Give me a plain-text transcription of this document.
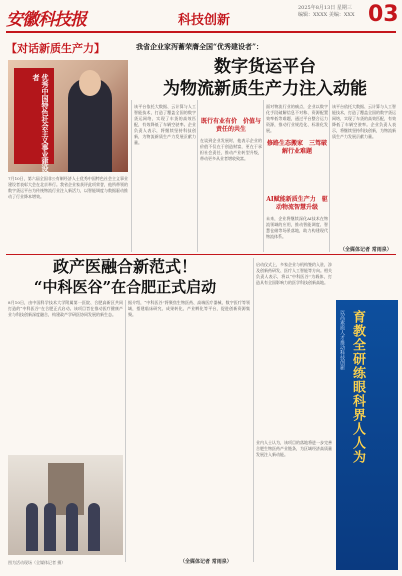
安徽科技报	科技创新
2025年8月13日 星期三
编辑：XXXX 美编：XXX 03
【对话新质生产力】	我省企业家泻蓄荣膺全国“优秀建设者”：
数字货运平台
为物流新质生产力注入动能
优秀中国特色社会主义事业建设者
7月10日，第六届全国非公有制经济人士优秀中国特色社会主义事业建设者表彰大会在北京举行。我省企业家获评此项荣誉，他所带领的数字货运平台为传统物流行业注入新活力，以智能调度与数据驱动推动了行业降本增效。
该平台依托大数据、云计算与人工智能技术，打造了覆盖全国的数字货运网络，实现了车货的高效匹配，有效降低了车辆空驶率。企业负责人表示，将继续坚持科技创新，为物流新质生产力发展贡献力量。
既行有业有价　价值与责任的共生
在谈到企业发展时，他表示企业的价值不仅在于创造财富，更在于承担社会责任，推动产业转型升级，带动更多从业者增收致富。
修路生态搬家　三驾破解行业难题
面对物流行业的痛点，企业以数字化手段破解信息不对称、资源配置效率低等难题，通过平台整合运力资源，推动行业规范化、标准化发展。
AI赋能新质生产力　驱动物流智慧升级
未来，企业将继续深化AI技术在物流领域的应用，推动智能调度、智慧仓储等场景落地，助力构建现代物流体系。
该平台依托大数据、云计算与人工智能技术，打造了覆盖全国的数字货运网络，实现了车货的高效匹配，有效降低了车辆空驶率。企业负责人表示，将继续坚持科技创新，为物流新质生产力发展贡献力量。
（全媒体记者 常雨泉）
政产医融合新范式！
“中科医谷”在合肥正式启动
8月10日，由中国科学技术大学附属第一医院、合肥高新区共同打造的“中科医谷”在合肥正式启动。该项目旨在推动医疗健康产业与科技创新深度融合，构建政产学研医协同发展的新生态。
据介绍，“中科医谷”将聚焦生物医药、高端医疗器械、数字医疗等领域，搭建临床研究、成果转化、产业孵化等平台，促进创新资源集聚。
启动仪式上，多家企业与机构签约入驻，涉及创新药研发、医疗人工智能等方向。相关负责人表示，将以“中科医谷”为载体，打造具有全国影响力的医学科技创新高地。
业内人士认为，该项目的落地将进一步完善合肥生物医药产业链条，为区域经济高质量发展注入新动能。
图为活动现场（全媒体记者 摄）	（全媒体记者 常雨泉）
以高素质人才推动科技创新 育教全研练眼科界人人为
